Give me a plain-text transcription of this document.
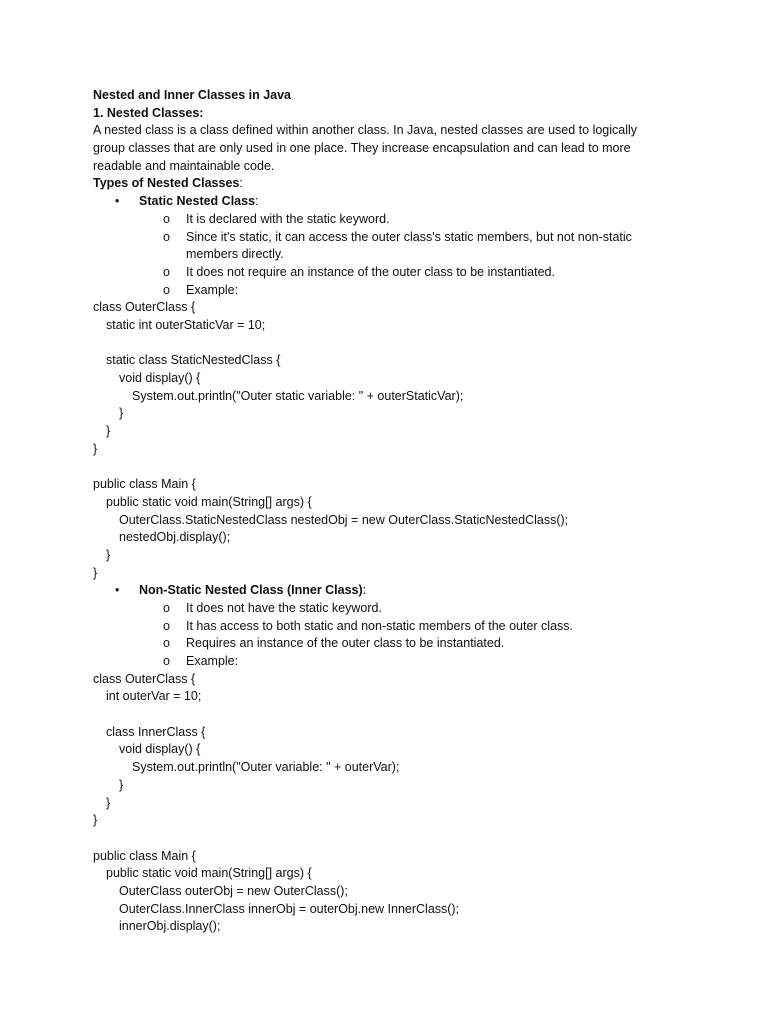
Nested and Inner Classes in Java
1. Nested Classes:
A nested class is a class defined within another class. In Java, nested classes are used to logically
group classes that are only used in one place. They increase encapsulation and can lead to more
readable and maintainable code.
Types of Nested Classes:
• Static Nested Class:
o It is declared with the static keyword.
o Since it's static, it can access the outer class's static members, but not non-static
members directly.
o It does not require an instance of the outer class to be instantiated.
o Example:
class OuterClass {
static int outerStaticVar = 10;
static class StaticNestedClass {
void display() {
System.out.println("Outer static variable: " + outerStaticVar);
}
}
}
public class Main {
public static void main(String[] args) {
OuterClass.StaticNestedClass nestedObj = new OuterClass.StaticNestedClass();
nestedObj.display();
}
}
• Non-Static Nested Class (Inner Class):
o It does not have the static keyword.
o It has access to both static and non-static members of the outer class.
o Requires an instance of the outer class to be instantiated.
o Example:
class OuterClass {
int outerVar = 10;
class InnerClass {
void display() {
System.out.println("Outer variable: " + outerVar);
}
}
}
public class Main {
public static void main(String[] args) {
OuterClass outerObj = new OuterClass();
OuterClass.InnerClass innerObj = outerObj.new InnerClass();
innerObj.display();
